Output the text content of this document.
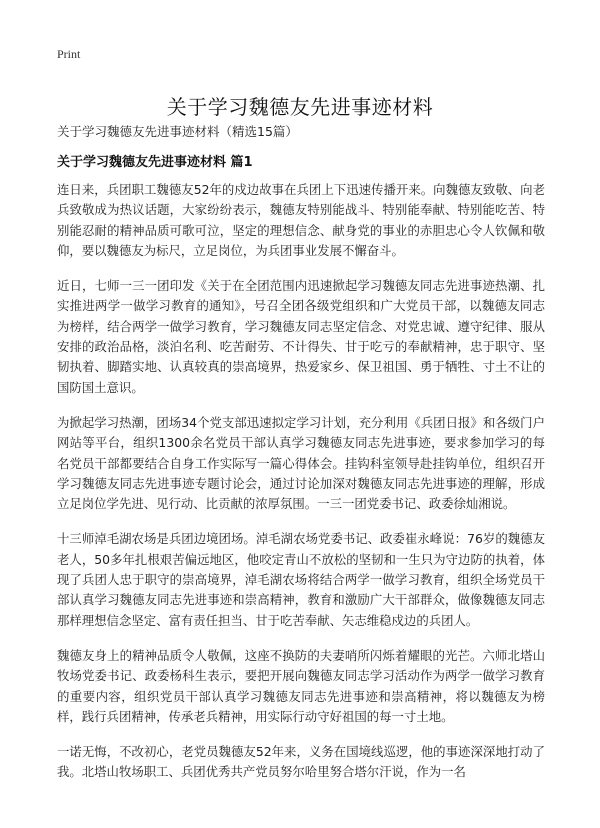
Print
关于学习魏德友先进事迹材料
关于学习魏德友先进事迹材料（精选15篇）
关于学习魏德友先进事迹材料 篇1

连日来，兵团职工魏德友52年的戍边故事在兵团上下迅速传播开来。向魏德友致敬、向老兵致敬成为热议话题，大家纷纷表示，魏德友特别能战斗、特别能奉献、特别能吃苦、特别能忍耐的精神品质可歌可泣，坚定的理想信念、献身党的事业的赤胆忠心令人钦佩和敬仰，要以魏德友为标尺，立足岗位，为兵团事业发展不懈奋斗。

近日，七师一三一团印发《关于在全团范围内迅速掀起学习魏德友同志先进事迹热潮、扎实推进两学一做学习教育的通知》，号召全团各级党组织和广大党员干部，以魏德友同志为榜样，结合两学一做学习教育，学习魏德友同志坚定信念、对党忠诚、遵守纪律、服从安排的政治品格，淡泊名利、吃苦耐劳、不计得失、甘于吃亏的奉献精神，忠于职守、坚韧执着、脚踏实地、认真较真的崇高境界，热爱家乡、保卫祖国、勇于牺牲、寸土不让的国防国土意识。

为掀起学习热潮，团场34个党支部迅速拟定学习计划，充分利用《兵团日报》和各级门户网站等平台，组织1300余名党员干部认真学习魏德友同志先进事迹，要求参加学习的每名党员干部都要结合自身工作实际写一篇心得体会。挂钩科室领导赴挂钩单位，组织召开学习魏德友同志先进事迹专题讨论会，通过讨论加深对魏德友同志先进事迹的理解，形成立足岗位学先进、见行动、比贡献的浓厚氛围。一三一团党委书记、政委徐灿湘说。

十三师淖毛湖农场是兵团边境团场。淖毛湖农场党委书记、政委崔永峰说：76岁的魏德友老人，50多年扎根艰苦偏远地区，他咬定青山不放松的坚韧和一生只为守边防的执着，体现了兵团人忠于职守的崇高境界，淖毛湖农场将结合两学一做学习教育，组织全场党员干部认真学习魏德友同志先进事迹和崇高精神，教育和激励广大干部群众，做像魏德友同志那样理想信念坚定、富有责任担当、甘于吃苦奉献、矢志维稳戍边的兵团人。

魏德友身上的精神品质令人敬佩，这座不换防的夫妻哨所闪烁着耀眼的光芒。六师北塔山牧场党委书记、政委杨科生表示，要把开展向魏德友同志学习活动作为两学一做学习教育的重要内容，组织党员干部认真学习魏德友同志先进事迹和崇高精神，将以魏德友为榜样，践行兵团精神，传承老兵精神，用实际行动守好祖国的每一寸土地。

一诺无悔，不改初心，老党员魏德友52年来，义务在国境线巡逻，他的事迹深深地打动了我。北塔山牧场职工、兵团优秀共产党员努尔哈里努合塔尔汗说，作为一名
